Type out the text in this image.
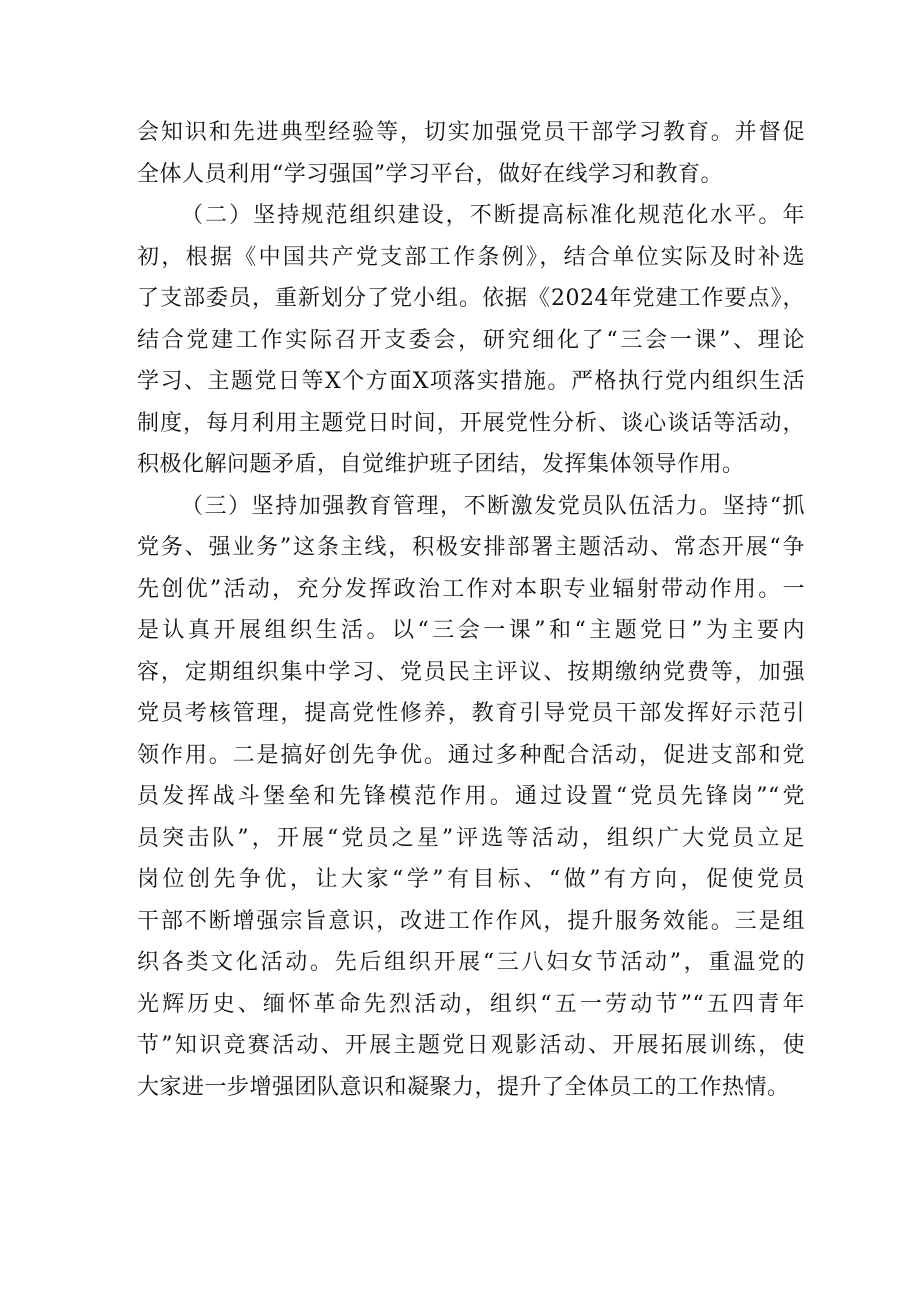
会知识和先进典型经验等，切实加强党员干部学习教育。并督促
全体人员利用“学习强国”学习平台，做好在线学习和教育。
（二）坚持规范组织建设，不断提高标准化规范化水平。年
初，根据《中国共产党支部工作条例》，结合单位实际及时补选
了支部委员，重新划分了党小组。依据《2024年党建工作要点》，
结合党建工作实际召开支委会，研究细化了“三会一课”、理论
学习、主题党日等X个方面X项落实措施。严格执行党内组织生活
制度，每月利用主题党日时间，开展党性分析、谈心谈话等活动，
积极化解问题矛盾，自觉维护班子团结，发挥集体领导作用。
（三）坚持加强教育管理，不断激发党员队伍活力。坚持“抓
党务、强业务”这条主线，积极安排部署主题活动、常态开展“争
先创优”活动，充分发挥政治工作对本职专业辐射带动作用。一
是认真开展组织生活。以“三会一课”和“主题党日”为主要内
容，定期组织集中学习、党员民主评议、按期缴纳党费等，加强
党员考核管理，提高党性修养，教育引导党员干部发挥好示范引
领作用。二是搞好创先争优。通过多种配合活动，促进支部和党
员发挥战斗堡垒和先锋模范作用。通过设置“党员先锋岗”“党
员突击队”，开展“党员之星”评选等活动，组织广大党员立足
岗位创先争优，让大家“学”有目标、“做”有方向，促使党员
干部不断增强宗旨意识，改进工作作风，提升服务效能。三是组
织各类文化活动。先后组织开展“三八妇女节活动”，重温党的
光辉历史、缅怀革命先烈活动，组织“五一劳动节”“五四青年
节”知识竞赛活动、开展主题党日观影活动、开展拓展训练，使
大家进一步增强团队意识和凝聚力，提升了全体员工的工作热情。
